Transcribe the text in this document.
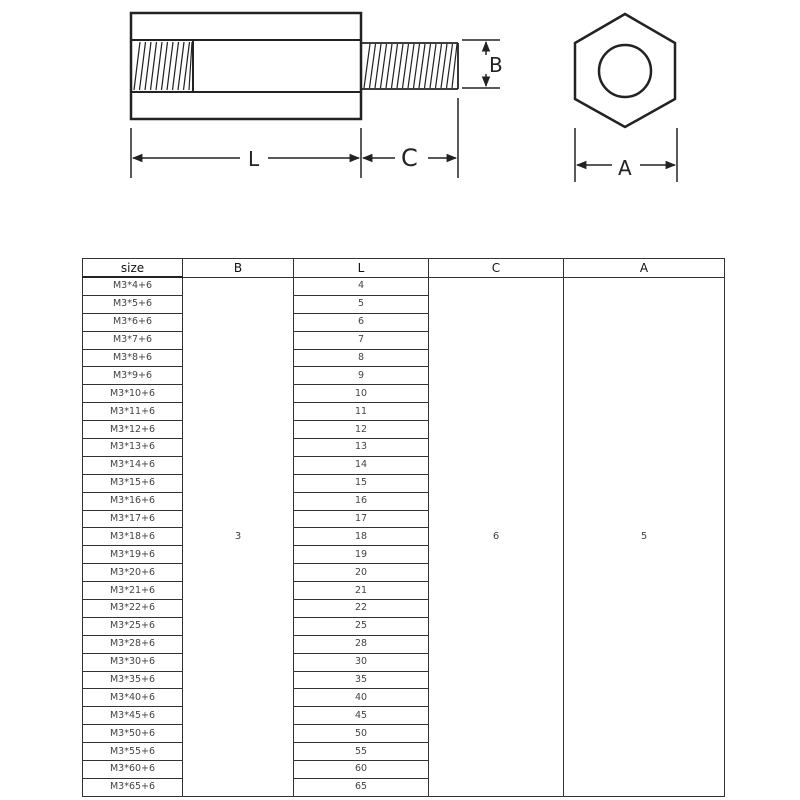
B
L	C	A
size	B	L	C	A
M3*4+6	3	4	6	5
M3*5+6		5		
M3*6+6		6		
M3*7+6		7		
M3*8+6		8		
M3*9+6		9		
M3*10+6		10		
M3*11+6		11		
M3*12+6		12		
M3*13+6		13		
M3*14+6		14		
M3*15+6		15		
M3*16+6		16		
M3*17+6		17		
M3*18+6		18		
M3*19+6		19		
M3*20+6		20		
M3*21+6		21		
M3*22+6		22		
M3*25+6		25		
M3*28+6		28		
M3*30+6		30		
M3*35+6		35		
M3*40+6		40		
M3*45+6		45		
M3*50+6		50		
M3*55+6		55		
M3*60+6		60		
M3*65+6		65		
